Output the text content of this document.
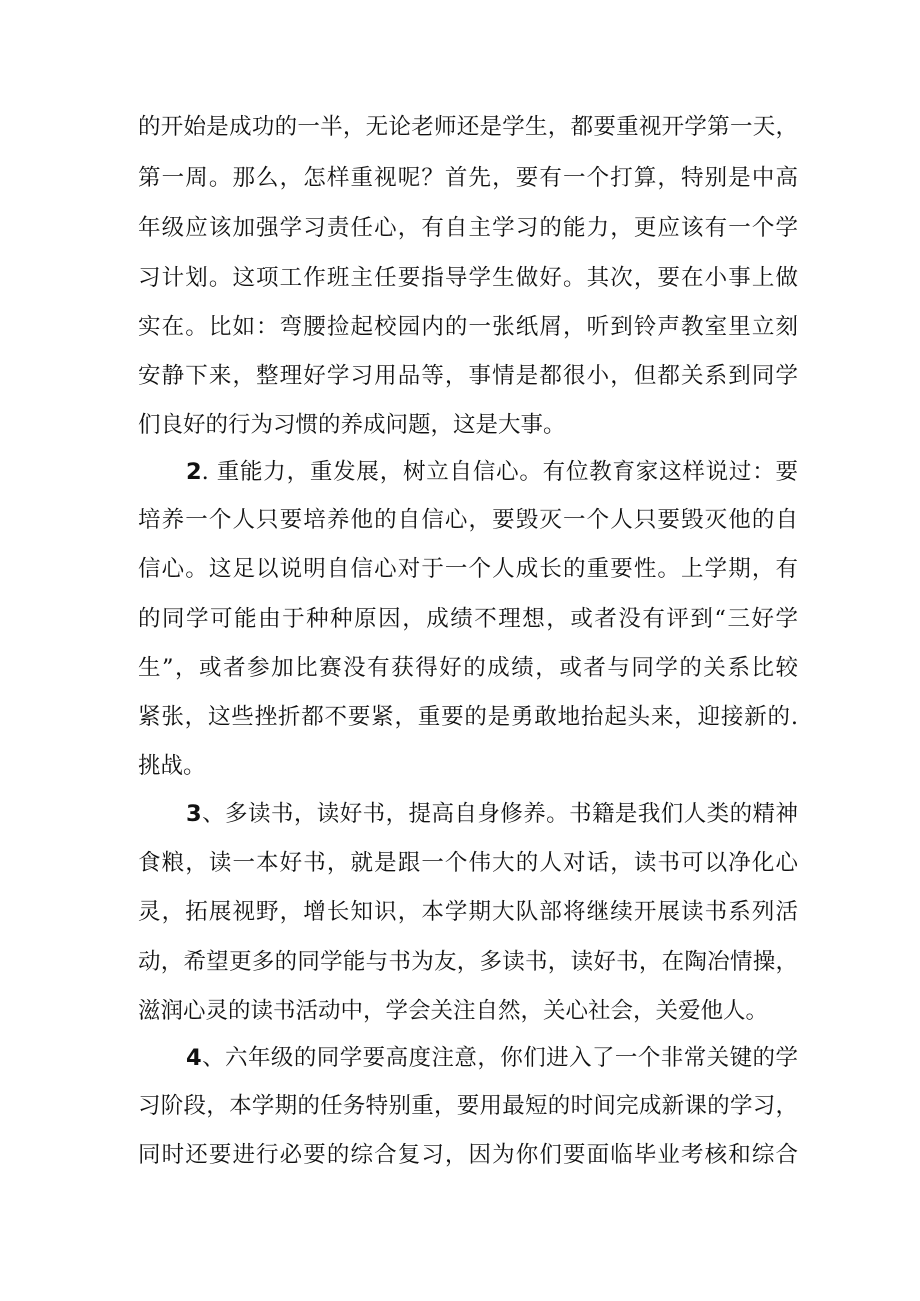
的开始是成功的一半，无论老师还是学生，都要重视开学第一天，
第一周。那么，怎样重视呢？首先，要有一个打算，特别是中高
年级应该加强学习责任心，有自主学习的能力，更应该有一个学
习计划。这项工作班主任要指导学生做好。其次，要在小事上做
实在。比如：弯腰捡起校园内的一张纸屑，听到铃声教室里立刻
安静下来，整理好学习用品等，事情是都很小，但都关系到同学
们良好的行为习惯的养成问题，这是大事。
2. 重能力，重发展，树立自信心。有位教育家这样说过：要
培养一个人只要培养他的自信心，要毁灭一个人只要毁灭他的自
信心。这足以说明自信心对于一个人成长的重要性。上学期，有
的同学可能由于种种原因，成绩不理想，或者没有评到“三好学
生”，或者参加比赛没有获得好的成绩，或者与同学的关系比较
紧张，这些挫折都不要紧，重要的是勇敢地抬起头来，迎接新的.
挑战。
3、多读书，读好书，提高自身修养。书籍是我们人类的精神
食粮，读一本好书，就是跟一个伟大的人对话，读书可以净化心
灵，拓展视野，增长知识，本学期大队部将继续开展读书系列活
动，希望更多的同学能与书为友，多读书，读好书，在陶冶情操，
滋润心灵的读书活动中，学会关注自然，关心社会，关爱他人。
4、六年级的同学要高度注意，你们进入了一个非常关键的学
习阶段，本学期的任务特别重，要用最短的时间完成新课的学习，
同时还要进行必要的综合复习，因为你们要面临毕业考核和综合
